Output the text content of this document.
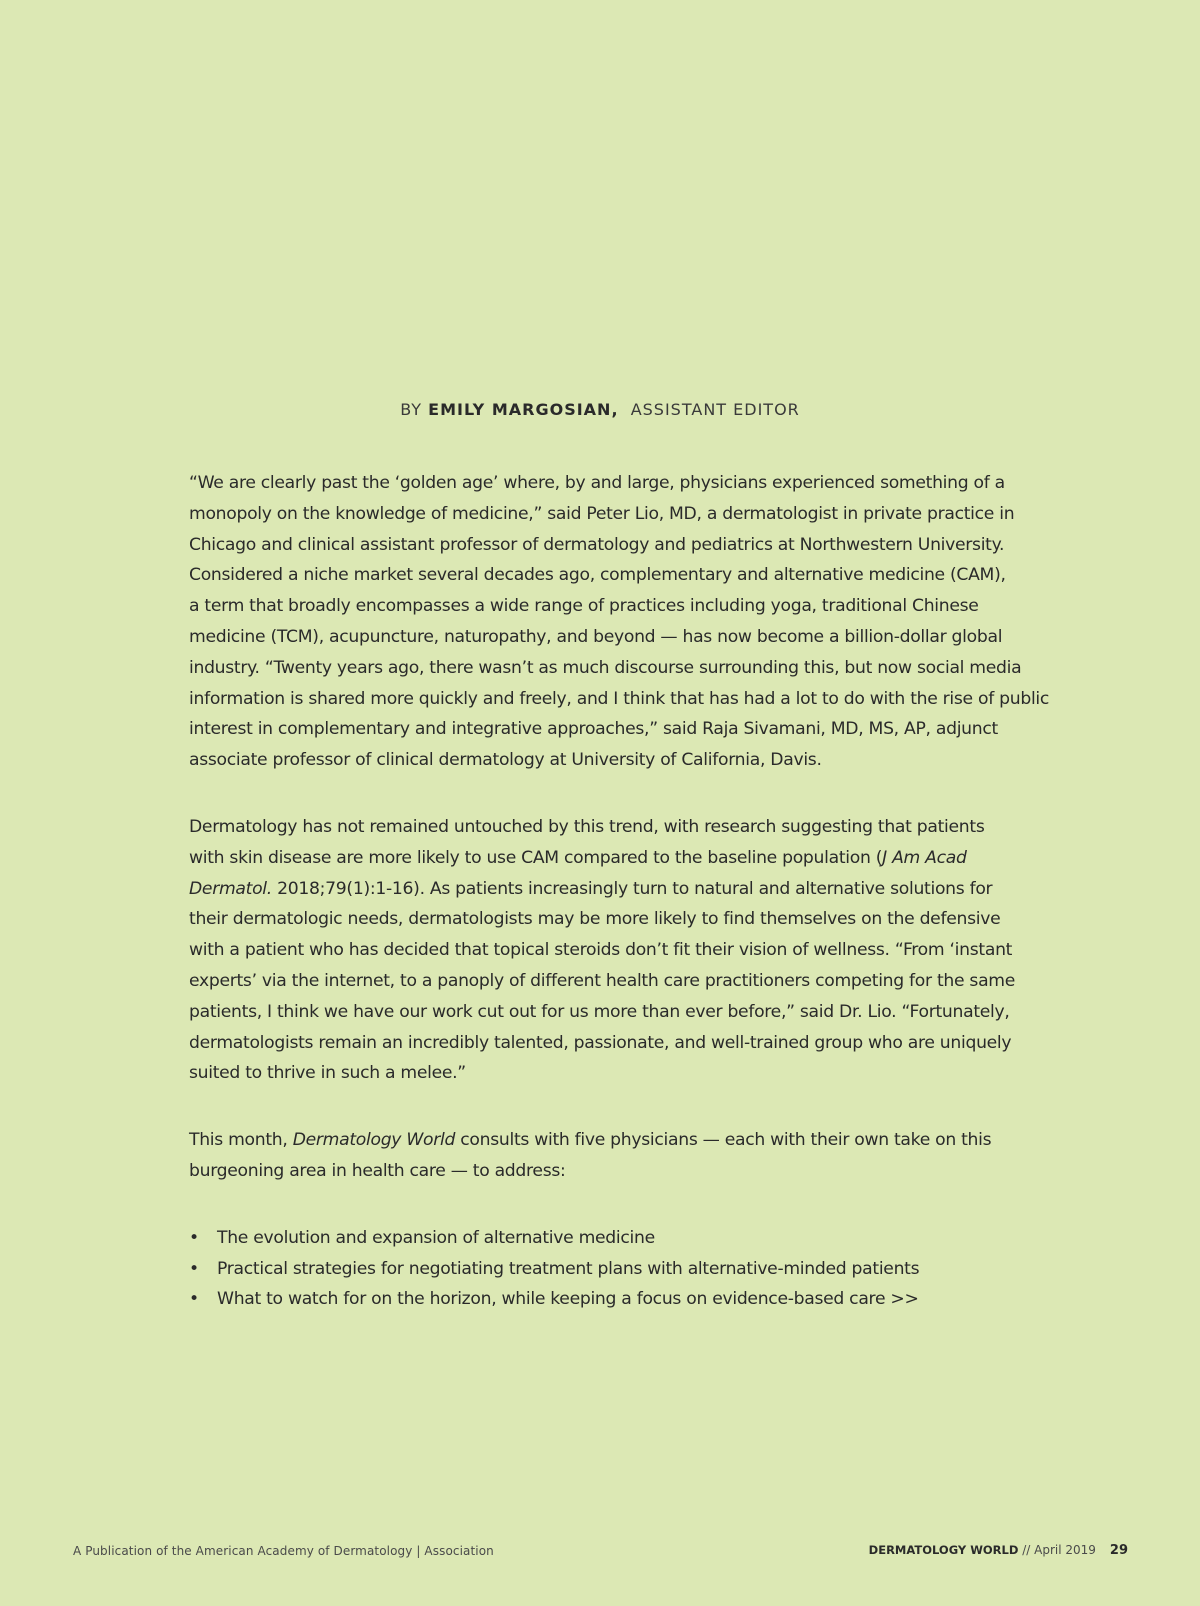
BY EMILY MARGOSIAN, ASSISTANT EDITOR

“We are clearly past the ‘golden age’ where, by and large, physicians experienced something of a
monopoly on the knowledge of medicine,” said Peter Lio, MD, a dermatologist in private practice in
Chicago and clinical assistant professor of dermatology and pediatrics at Northwestern University.
Considered a niche market several decades ago, complementary and alternative medicine (CAM),
a term that broadly encompasses a wide range of practices including yoga, traditional Chinese
medicine (TCM), acupuncture, naturopathy, and beyond — has now become a billion-dollar global
industry. “Twenty years ago, there wasn’t as much discourse surrounding this, but now social media
information is shared more quickly and freely, and I think that has had a lot to do with the rise of public
interest in complementary and integrative approaches,” said Raja Sivamani, MD, MS, AP, adjunct
associate professor of clinical dermatology at University of California, Davis.

Dermatology has not remained untouched by this trend, with research suggesting that patients
with skin disease are more likely to use CAM compared to the baseline population (J Am Acad
Dermatol. 2018;79(1):1-16). As patients increasingly turn to natural and alternative solutions for
their dermatologic needs, dermatologists may be more likely to find themselves on the defensive
with a patient who has decided that topical steroids don’t fit their vision of wellness. “From ‘instant
experts’ via the internet, to a panoply of different health care practitioners competing for the same
patients, I think we have our work cut out for us more than ever before,” said Dr. Lio. “Fortunately,
dermatologists remain an incredibly talented, passionate, and well-trained group who are uniquely
suited to thrive in such a melee.”

This month, Dermatology World consults with five physicians — each with their own take on this
burgeoning area in health care — to address:

• The evolution and expansion of alternative medicine
• Practical strategies for negotiating treatment plans with alternative-minded patients
• What to watch for on the horizon, while keeping a focus on evidence-based care >>
A Publication of the American Academy of Dermatology | Association	DERMATOLOGY WORLD // April 2019 29
